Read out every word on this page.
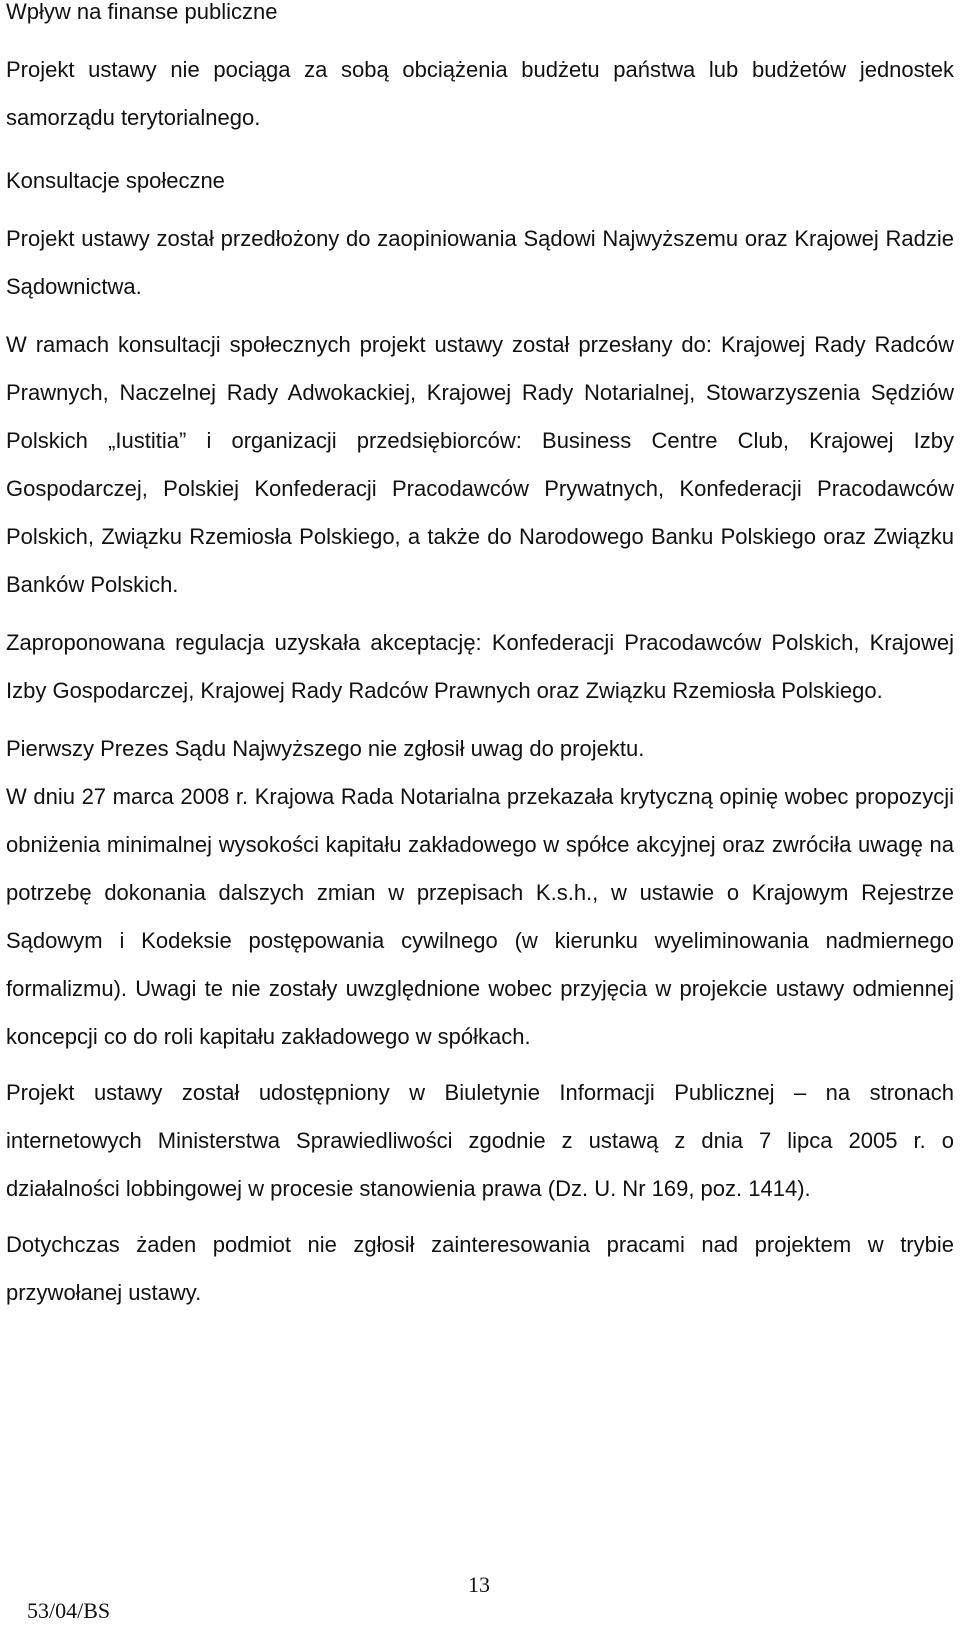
Wpływ na finanse publiczne
Projekt ustawy nie pociąga za sobą obciążenia budżetu państwa lub budżetów jednostek samorządu terytorialnego.
Konsultacje społeczne
Projekt ustawy został przedłożony do zaopiniowania Sądowi Najwyższemu oraz Krajowej Radzie Sądownictwa.
W ramach konsultacji społecznych projekt ustawy został przesłany do: Krajowej Rady Radców Prawnych, Naczelnej Rady Adwokackiej, Krajowej Rady Notarialnej, Stowarzyszenia Sędziów Polskich „Iustitia” i organizacji przedsiębiorców: Business Centre Club, Krajowej Izby Gospodarczej, Polskiej Konfederacji Pracodawców Prywatnych, Konfederacji Pracodawców Polskich, Związku Rzemiosła Polskiego, a także do Narodowego Banku Polskiego oraz Związku Banków Polskich.
Zaproponowana regulacja uzyskała akceptację: Konfederacji Pracodawców Polskich, Krajowej Izby Gospodarczej, Krajowej Rady Radców Prawnych oraz Związku Rzemiosła Polskiego.
Pierwszy Prezes Sądu Najwyższego nie zgłosił uwag do projektu.
W dniu 27 marca 2008 r. Krajowa Rada Notarialna przekazała krytyczną opinię wobec propozycji obniżenia minimalnej wysokości kapitału zakładowego w spółce akcyjnej oraz zwróciła uwagę na potrzebę dokonania dalszych zmian w przepisach K.s.h., w ustawie o Krajowym Rejestrze Sądowym i Kodeksie postępowania cywilnego (w kierunku wyeliminowania nadmiernego formalizmu). Uwagi te nie zostały uwzględnione wobec przyjęcia w projekcie ustawy odmiennej koncepcji co do roli kapitału zakładowego w spółkach.
Projekt ustawy został udostępniony w Biuletynie Informacji Publicznej – na stronach internetowych Ministerstwa Sprawiedliwości zgodnie z ustawą z dnia 7 lipca 2005 r. o działalności lobbingowej w procesie stanowienia prawa (Dz. U. Nr 169, poz. 1414).
Dotychczas żaden podmiot nie zgłosił zainteresowania pracami nad projektem w trybie przywołanej ustawy.
13
53/04/BS
